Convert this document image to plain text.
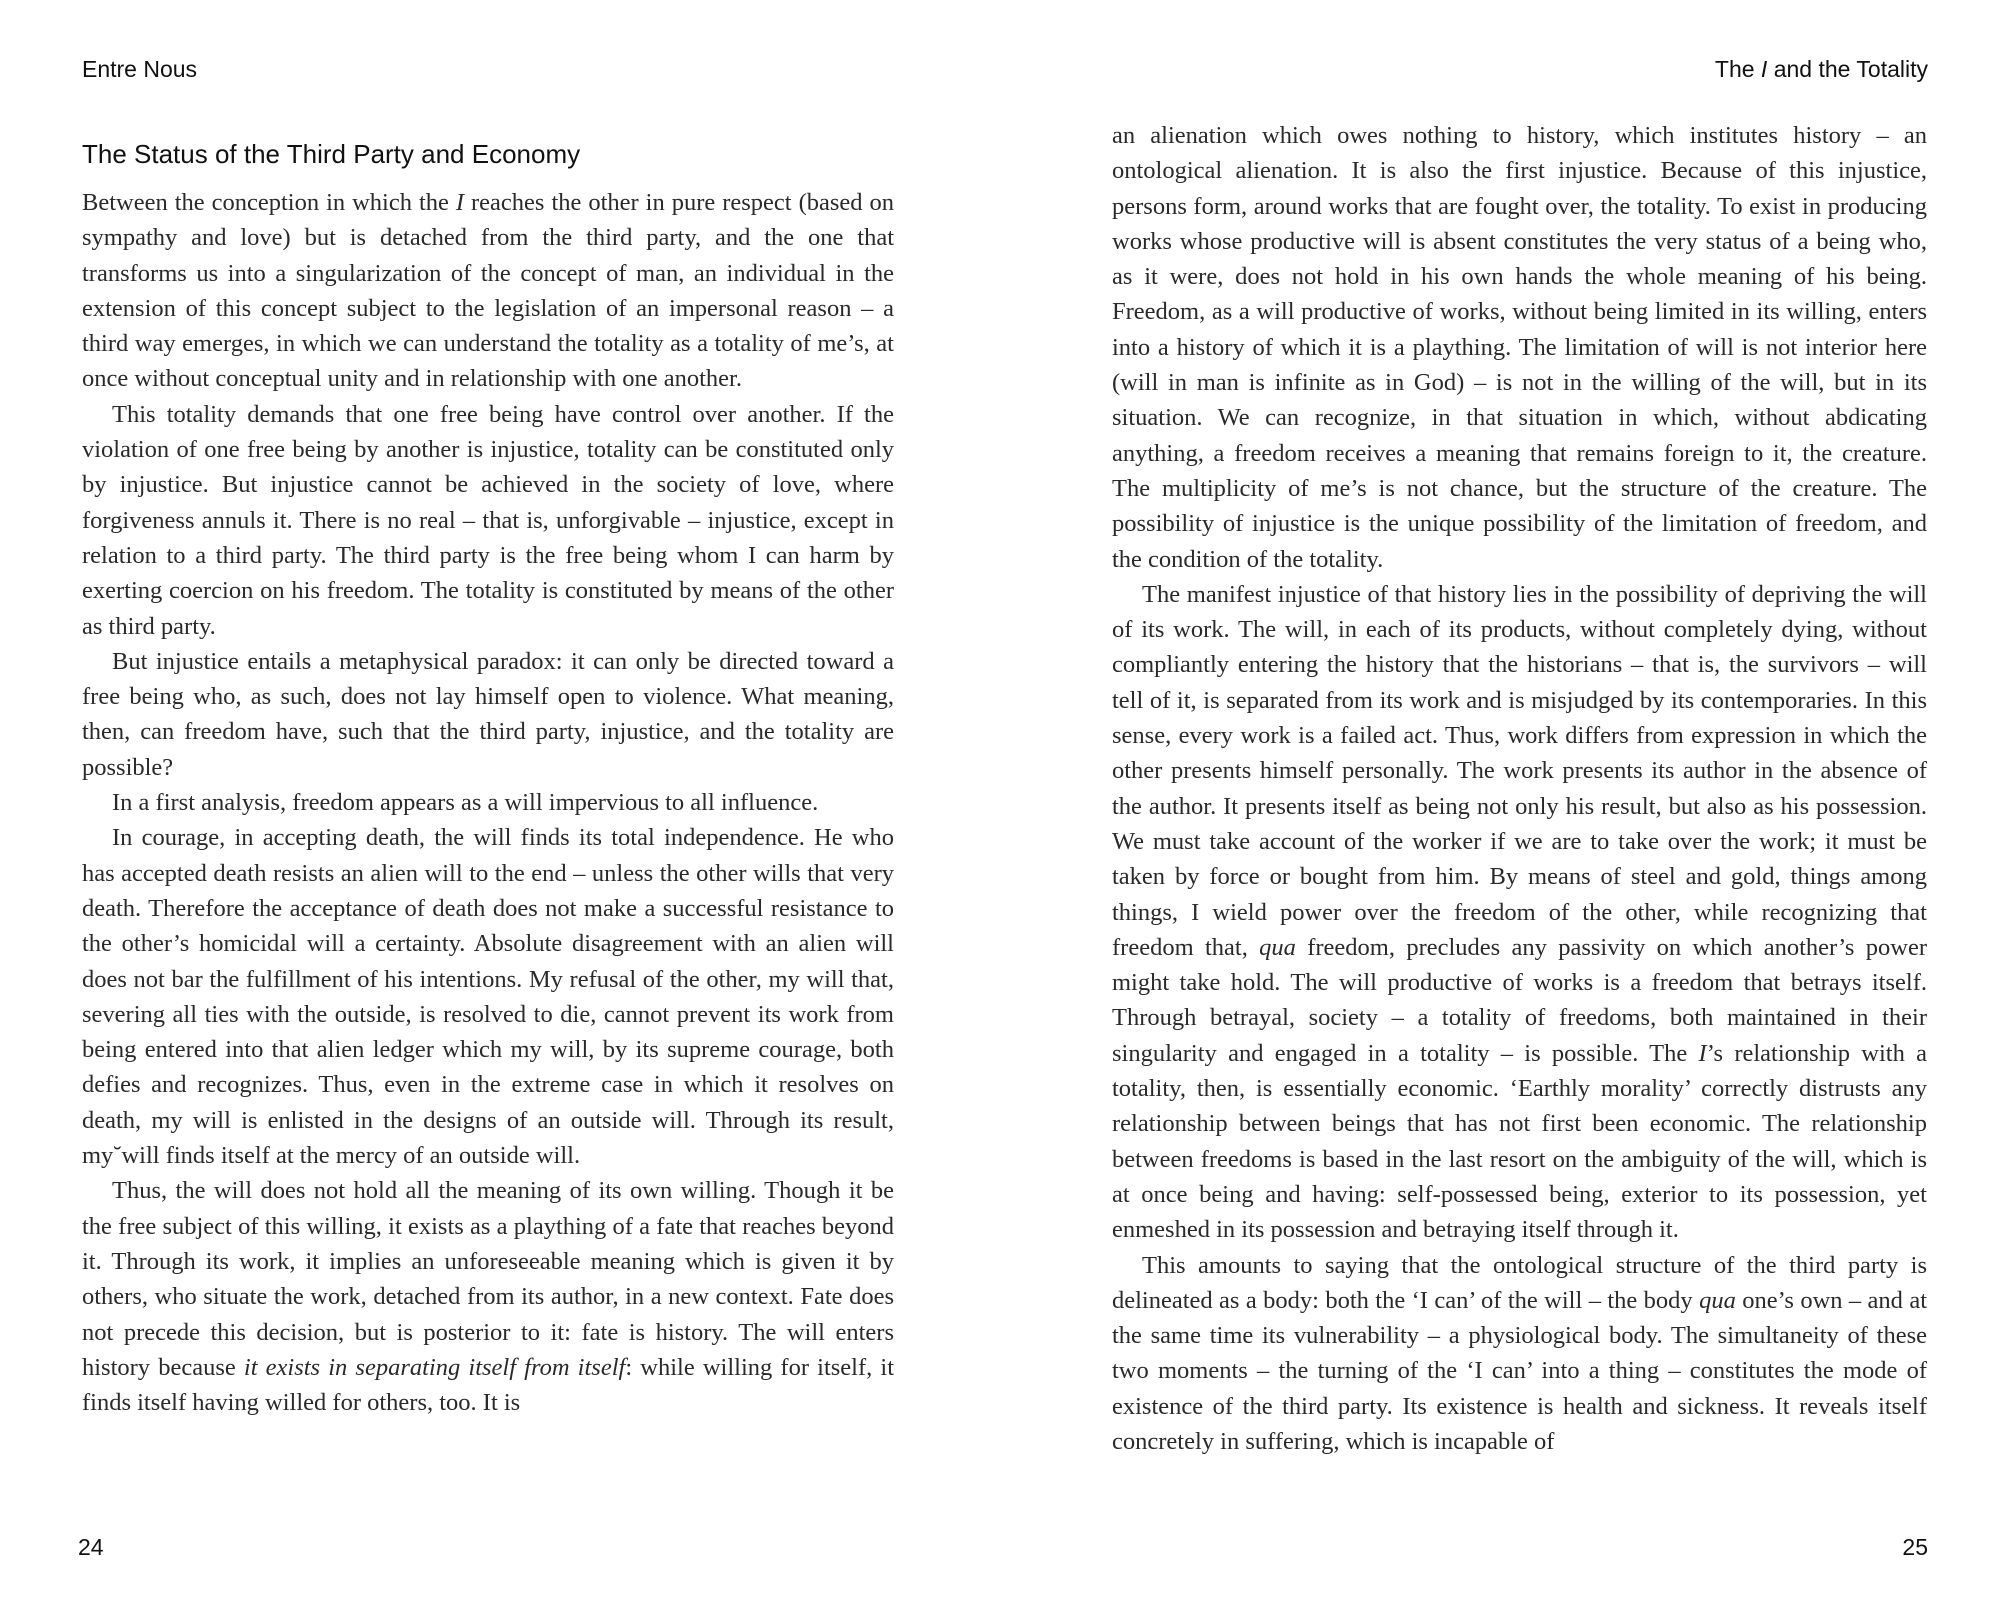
Entre Nous
The Status of the Third Party and Economy

Between the conception in which the I reaches the other in pure respect (based on sympathy and love) but is detached from the third party, and the one that transforms us into a singularization of the concept of man, an individual in the extension of this concept subject to the legislation of an impersonal reason – a third way emerges, in which we can understand the totality as a totality of me’s, at once without conceptual unity and in relationship with one another.

This totality demands that one free being have control over another. If the violation of one free being by another is injustice, totality can be constituted only by injustice. But injustice cannot be achieved in the society of love, where forgiveness annuls it. There is no real – that is, unforgivable – injustice, except in relation to a third party. The third party is the free being whom I can harm by exerting coercion on his freedom. The totality is constituted by means of the other as third party.

But injustice entails a metaphysical paradox: it can only be directed toward a free being who, as such, does not lay himself open to violence. What meaning, then, can freedom have, such that the third party, injustice, and the totality are possible?

In a first analysis, freedom appears as a will impervious to all influence.

In courage, in accepting death, the will finds its total independence. He who has accepted death resists an alien will to the end – unless the other wills that very death. Therefore the acceptance of death does not make a successful resistance to the other’s homicidal will a certainty. Absolute disagreement with an alien will does not bar the fulfillment of his intentions. My refusal of the other, my will that, severing all ties with the outside, is resolved to die, cannot prevent its work from being entered into that alien ledger which my will, by its supreme courage, both defies and recognizes. Thus, even in the extreme case in which it resolves on death, my will is enlisted in the designs of an outside will. Through its result, my˘will finds itself at the mercy of an outside will.

Thus, the will does not hold all the meaning of its own willing. Though it be the free subject of this willing, it exists as a plaything of a fate that reaches beyond it. Through its work, it implies an unforeseeable meaning which is given it by others, who situate the work, detached from its author, in a new context. Fate does not precede this decision, but is posterior to it: fate is history. The will enters history because it exists in separating itself from itself: while willing for itself, it finds itself having willed for others, too. It is

24
The I and the Totality

an alienation which owes nothing to history, which institutes history – an ontological alienation. It is also the first injustice. Because of this injustice, persons form, around works that are fought over, the totality. To exist in producing works whose productive will is absent constitutes the very status of a being who, as it were, does not hold in his own hands the whole meaning of his being. Freedom, as a will productive of works, without being limited in its willing, enters into a history of which it is a plaything. The limitation of will is not interior here (will in man is infinite as in God) – is not in the willing of the will, but in its situation. We can recognize, in that situation in which, without abdicating anything, a freedom receives a meaning that remains foreign to it, the creature. The multiplicity of me’s is not chance, but the structure of the creature. The possibility of injustice is the unique possibility of the limitation of freedom, and the condition of the totality.

The manifest injustice of that history lies in the possibility of depriving the will of its work. The will, in each of its products, without completely dying, without compliantly entering the history that the historians – that is, the survivors – will tell of it, is separated from its work and is misjudged by its contemporaries. In this sense, every work is a failed act. Thus, work differs from expression in which the other presents himself personally. The work presents its author in the absence of the author. It presents itself as being not only his result, but also as his possession. We must take account of the worker if we are to take over the work; it must be taken by force or bought from him. By means of steel and gold, things among things, I wield power over the freedom of the other, while recognizing that freedom that, qua freedom, precludes any passivity on which another’s power might take hold. The will productive of works is a freedom that betrays itself. Through betrayal, society – a totality of freedoms, both maintained in their singularity and engaged in a totality – is possible. The I’s relationship with a totality, then, is essentially economic. ‘Earthly morality’ correctly distrusts any relationship between beings that has not first been economic. The relationship between freedoms is based in the last resort on the ambiguity of the will, which is at once being and having: self-possessed being, exterior to its possession, yet enmeshed in its possession and betraying itself through it.

This amounts to saying that the ontological structure of the third party is delineated as a body: both the ‘I can’ of the will – the body qua one’s own – and at the same time its vulnerability – a physiological body. The simultaneity of these two moments – the turning of the ‘I can’ into a thing – constitutes the mode of existence of the third party. Its existence is health and sickness. It reveals itself concretely in suffering, which is incapable of

25
